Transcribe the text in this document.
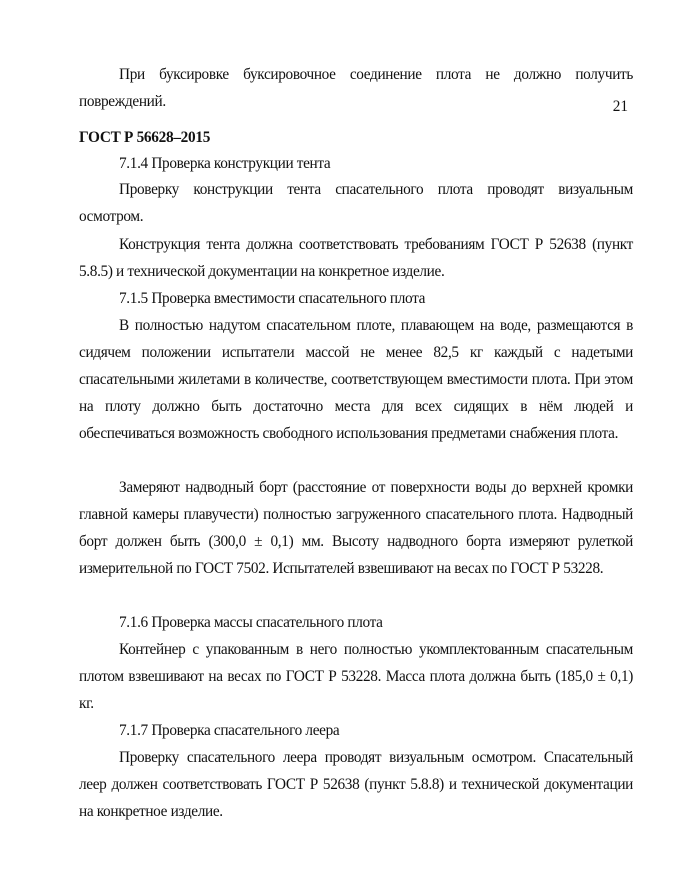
При буксировке буксировочное соединение плота не должно получить повреждений.	21

ГОСТ Р 56628–2015

7.1.4 Проверка конструкции тента

Проверку конструкции тента спасательного плота проводят визуальным осмотром.

Конструкция тента должна соответствовать требованиям ГОСТ Р 52638 (пункт 5.8.5) и технической документации на конкретное изделие.

7.1.5 Проверка вместимости спасательного плота

В полностью надутом спасательном плоте, плавающем на воде, размещаются в сидячем положении испытатели массой не менее 82,5 кг каждый с надетыми спасательными жилетами в количестве, соответствующем вместимости плота. При этом на плоту должно быть достаточно места для всех сидящих в нём людей и обеспечиваться возможность свободного использования предметами снабжения плота.

Замеряют надводный борт (расстояние от поверхности воды до верхней кромки главной камеры плавучести) полностью загруженного спасательного плота. Надводный борт должен быть (300,0 ± 0,1) мм. Высоту надводного борта измеряют рулеткой измерительной по ГОСТ 7502. Испытателей взвешивают на весах по ГОСТ Р 53228.

7.1.6 Проверка массы спасательного плота

Контейнер с упакованным в него полностью укомплектованным спасательным плотом взвешивают на весах по ГОСТ Р 53228. Масса плота должна быть (185,0 ± 0,1) кг.

7.1.7 Проверка спасательного леера

Проверку спасательного леера проводят визуальным осмотром. Спасательный леер должен соответствовать ГОСТ Р 52638 (пункт 5.8.8) и технической документации на конкретное изделие.
